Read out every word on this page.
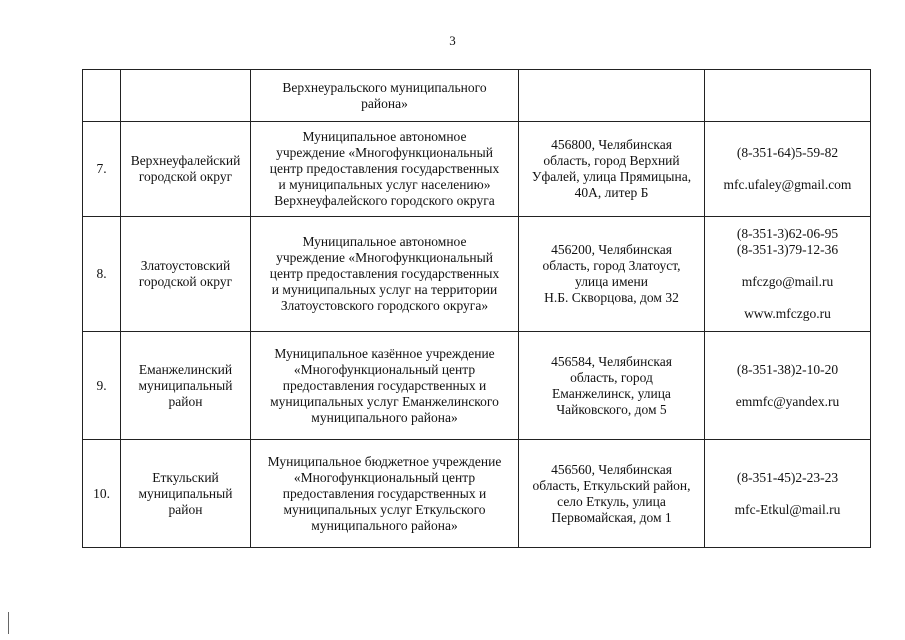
3

		Верхнеуральского муниципального
района»		

7.	Верхнеуфалейский
городской округ	Муниципальное автономное
учреждение «Многофункциональный
центр предоставления государственных
и муниципальных услуг населению»
Верхнеуфалейского городского округа	456800, Челябинская
область, город Верхний
Уфалей, улица Прямицына,
40А, литер Б	(8-351-64)5-59-82
mfc.ufaley@gmail.com

8.	Златоустовский
городской округ	Муниципальное автономное
учреждение «Многофункциональный
центр предоставления государственных
и муниципальных услуг на территории
Златоустовского городского округа»	456200, Челябинская
область, город Златоуст,
улица имени
Н.Б. Скворцова, дом 32	(8-351-3)62-06-95
(8-351-3)79-12-36
mfczgo@mail.ru
www.mfczgo.ru

9.	Еманжелинский
муниципальный
район	Муниципальное казённое учреждение
«Многофункциональный центр
предоставления государственных и
муниципальных услуг Еманжелинского
муниципального района»	456584, Челябинская
область, город
Еманжелинск, улица
Чайковского, дом 5	(8-351-38)2-10-20
emmfc@yandex.ru

10.	Еткульский
муниципальный
район	Муниципальное бюджетное учреждение
«Многофункциональный центр
предоставления государственных и
муниципальных услуг Еткульского
муниципального района»	456560, Челябинская
область, Еткульский район,
село Еткуль, улица
Первомайская, дом 1	(8-351-45)2-23-23
mfc-Etkul@mail.ru
